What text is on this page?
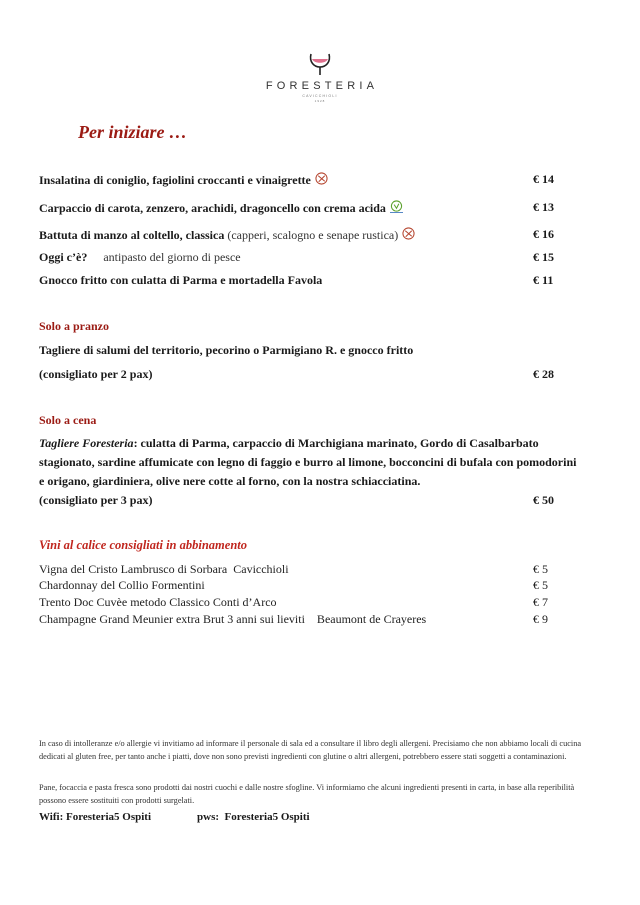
FORESTERIA
CAVICCHIOLI
1928
Per iniziare …
Insalatina di coniglio, fagiolini croccanti e vinaigrette	€ 14
Carpaccio di carota, zenzero, arachidi, dragoncello con crema acida	€ 13
Battuta di manzo al coltello, classica (capperi, scalogno e senape rustica)	€ 16
Oggi c’è? antipasto del giorno di pesce	€ 15
Gnocco fritto con culatta di Parma e mortadella Favola	€ 11
Solo a pranzo
Tagliere di salumi del territorio, pecorino o Parmigiano R. e gnocco fritto
(consigliato per 2 pax)	€ 28
Solo a cena
Tagliere Foresteria: culatta di Parma, carpaccio di Marchigiana marinato, Gordo di Casalbarbato stagionato, sardine affumicate con legno di faggio e burro al limone, bocconcini di bufala con pomodorini e origano, giardiniera, olive nere cotte al forno, con la nostra schiacciatina.
(consigliato per 3 pax)	€ 50
Vini al calice consigliati in abbinamento
Vigna del Cristo Lambrusco di Sorbara  Cavicchioli	€ 5
Chardonnay del Collio Formentini	€ 5
Trento Doc Cuvèe metodo Classico Conti d’Arco	€ 7
Champagne Grand Meunier extra Brut 3 anni sui lieviti    Beaumont de Crayeres	€ 9
In caso di intolleranze e/o allergie vi invitiamo ad informare il personale di sala ed a consultare il libro degli allergeni. Precisiamo che non abbiamo locali di cucina dedicati al gluten free, per tanto anche i piatti, dove non sono previsti ingredienti con glutine o altri allergeni, potrebbero essere stati soggetti a contaminazioni.
Pane, focaccia e pasta fresca sono prodotti dai nostri cuochi e dalle nostre sfogline. Vi informiamo che alcuni ingredienti presenti in carta, in base alla reperibilità possono essere sostituiti con prodotti surgelati.
Wifi: Foresteria5 Ospiti	pws:  Foresteria5 Ospiti
